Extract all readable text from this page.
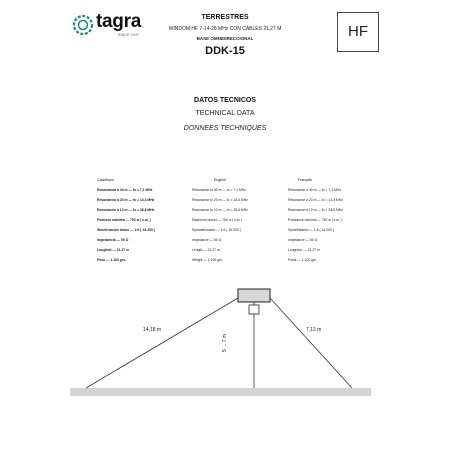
tagra
SINCE 1947
TERRESTRES
WINDOM HF 7-14-28 MHz CON CABLES 21,27 M
BASE OMNIDIRECCIONAL
DDK-15
HF
DATOS TECNICOS
TECHNICAL DATA
DONNEES TECHNIQUES
Castellano
Resonancia a 40 m — fo = 7,1 MHz
Resonancia a 20 m — fo = 14,3 MHz
Resonancia a 10 m — fo = 28,6 MHz
Potencia máxima — 750 w ( c.w. )
Simetrización balun — 1:6 ( JA 200 )
Impedancia — 50 Ω
Longitud — 21,27 m
Peso — 1,100 grs.
English
Resonance to 40 m — fo = 7,1 MHz
Resonance to 20 m — fo = 14,3 MHz
Resonance to 10 m — fo = 28,6 MHz
Maximum power — 750 w ( c.w. )
Symmetrization — 1:6 ( JA 200 )
Impedance — 50 Ω
Length — 21,27 m
Weight — 1,100 grs.
Français
Résonance à 40 m — fo = 7,1 MHz
Résonance à 20 m — fo = 14,3 MHz
Résonance à 10 m — fo = 28,6 MHz
Puissance maxima — 750 w ( c.w. )
Symétrisation — 1:6 ( JA 200 )
Impédance — 50 Ω
Longueur — 21,27 m
Poids — 1,100 grs.
14,18 m	7,12 m
5 ... 7 m
